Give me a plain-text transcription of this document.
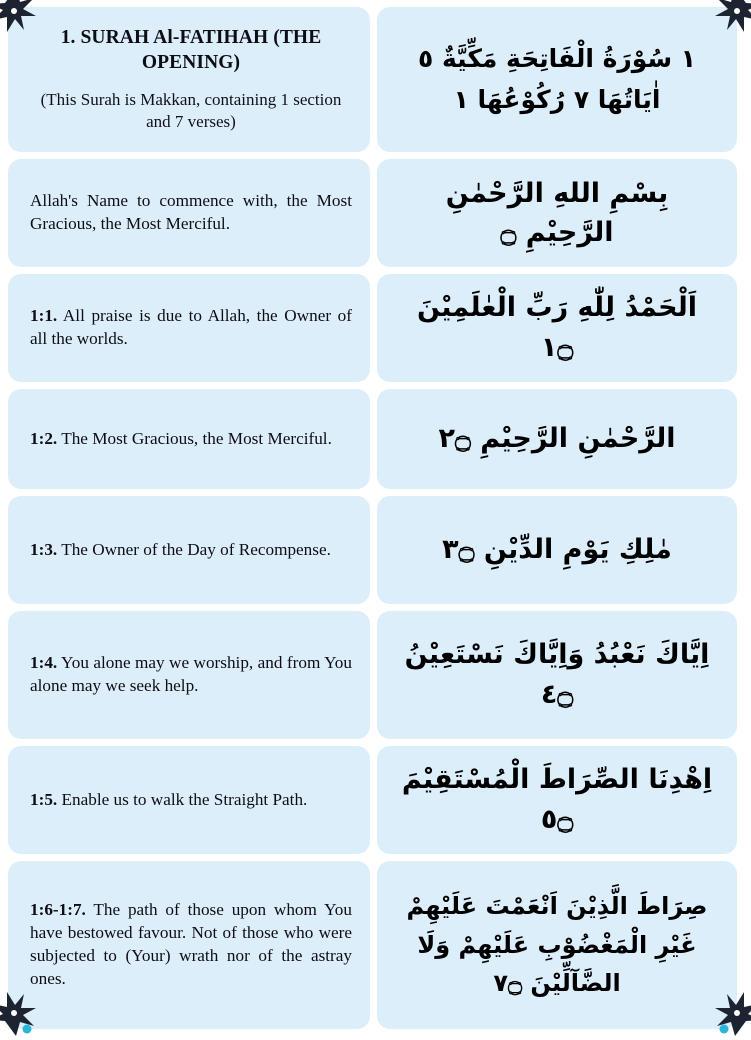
1. SURAH Al-FATIHAH (THE OPENING)
(This Surah is Makkan, containing 1 section and 7 verses)
١ سُوْرَةُ الْفَاتِحَةِ مَكِّيَّةٌ ٥
اٰيَاتُهَا ٧ رُكُوْعُهَا ١

Allah's Name to commence with, the Most Gracious, the Most Merciful.

بِسْمِ اللهِ الرَّحْمٰنِ الرَّحِيْمِ ۝

1:1. All praise is due to Allah, the Owner of all the worlds.

اَلْحَمْدُ لِلّٰهِ رَبِّ الْعٰلَمِيْنَ ۝١

1:2. The Most Gracious, the Most Merciful.	الرَّحْمٰنِ الرَّحِيْمِ ۝٢

1:3. The Owner of the Day of Recompense.	مٰلِكِ يَوْمِ الدِّيْنِ ۝٣

1:4. You alone may we worship, and from You alone may we seek help.

اِيَّاكَ نَعْبُدُ وَاِيَّاكَ نَسْتَعِيْنُ ۝٤

1:5. Enable us to walk the Straight Path.

اِهْدِنَا الصِّرَاطَ الْمُسْتَقِيْمَ ۝٥

1:6-1:7. The path of those upon whom You have bestowed favour. Not of those who were subjected to (Your) wrath nor of the astray ones.

صِرَاطَ الَّذِيْنَ اَنْعَمْتَ عَلَيْهِمْ
غَيْرِ الْمَغْضُوْبِ عَلَيْهِمْ وَلَا
الضَّآلِّيْنَ ۝٧
